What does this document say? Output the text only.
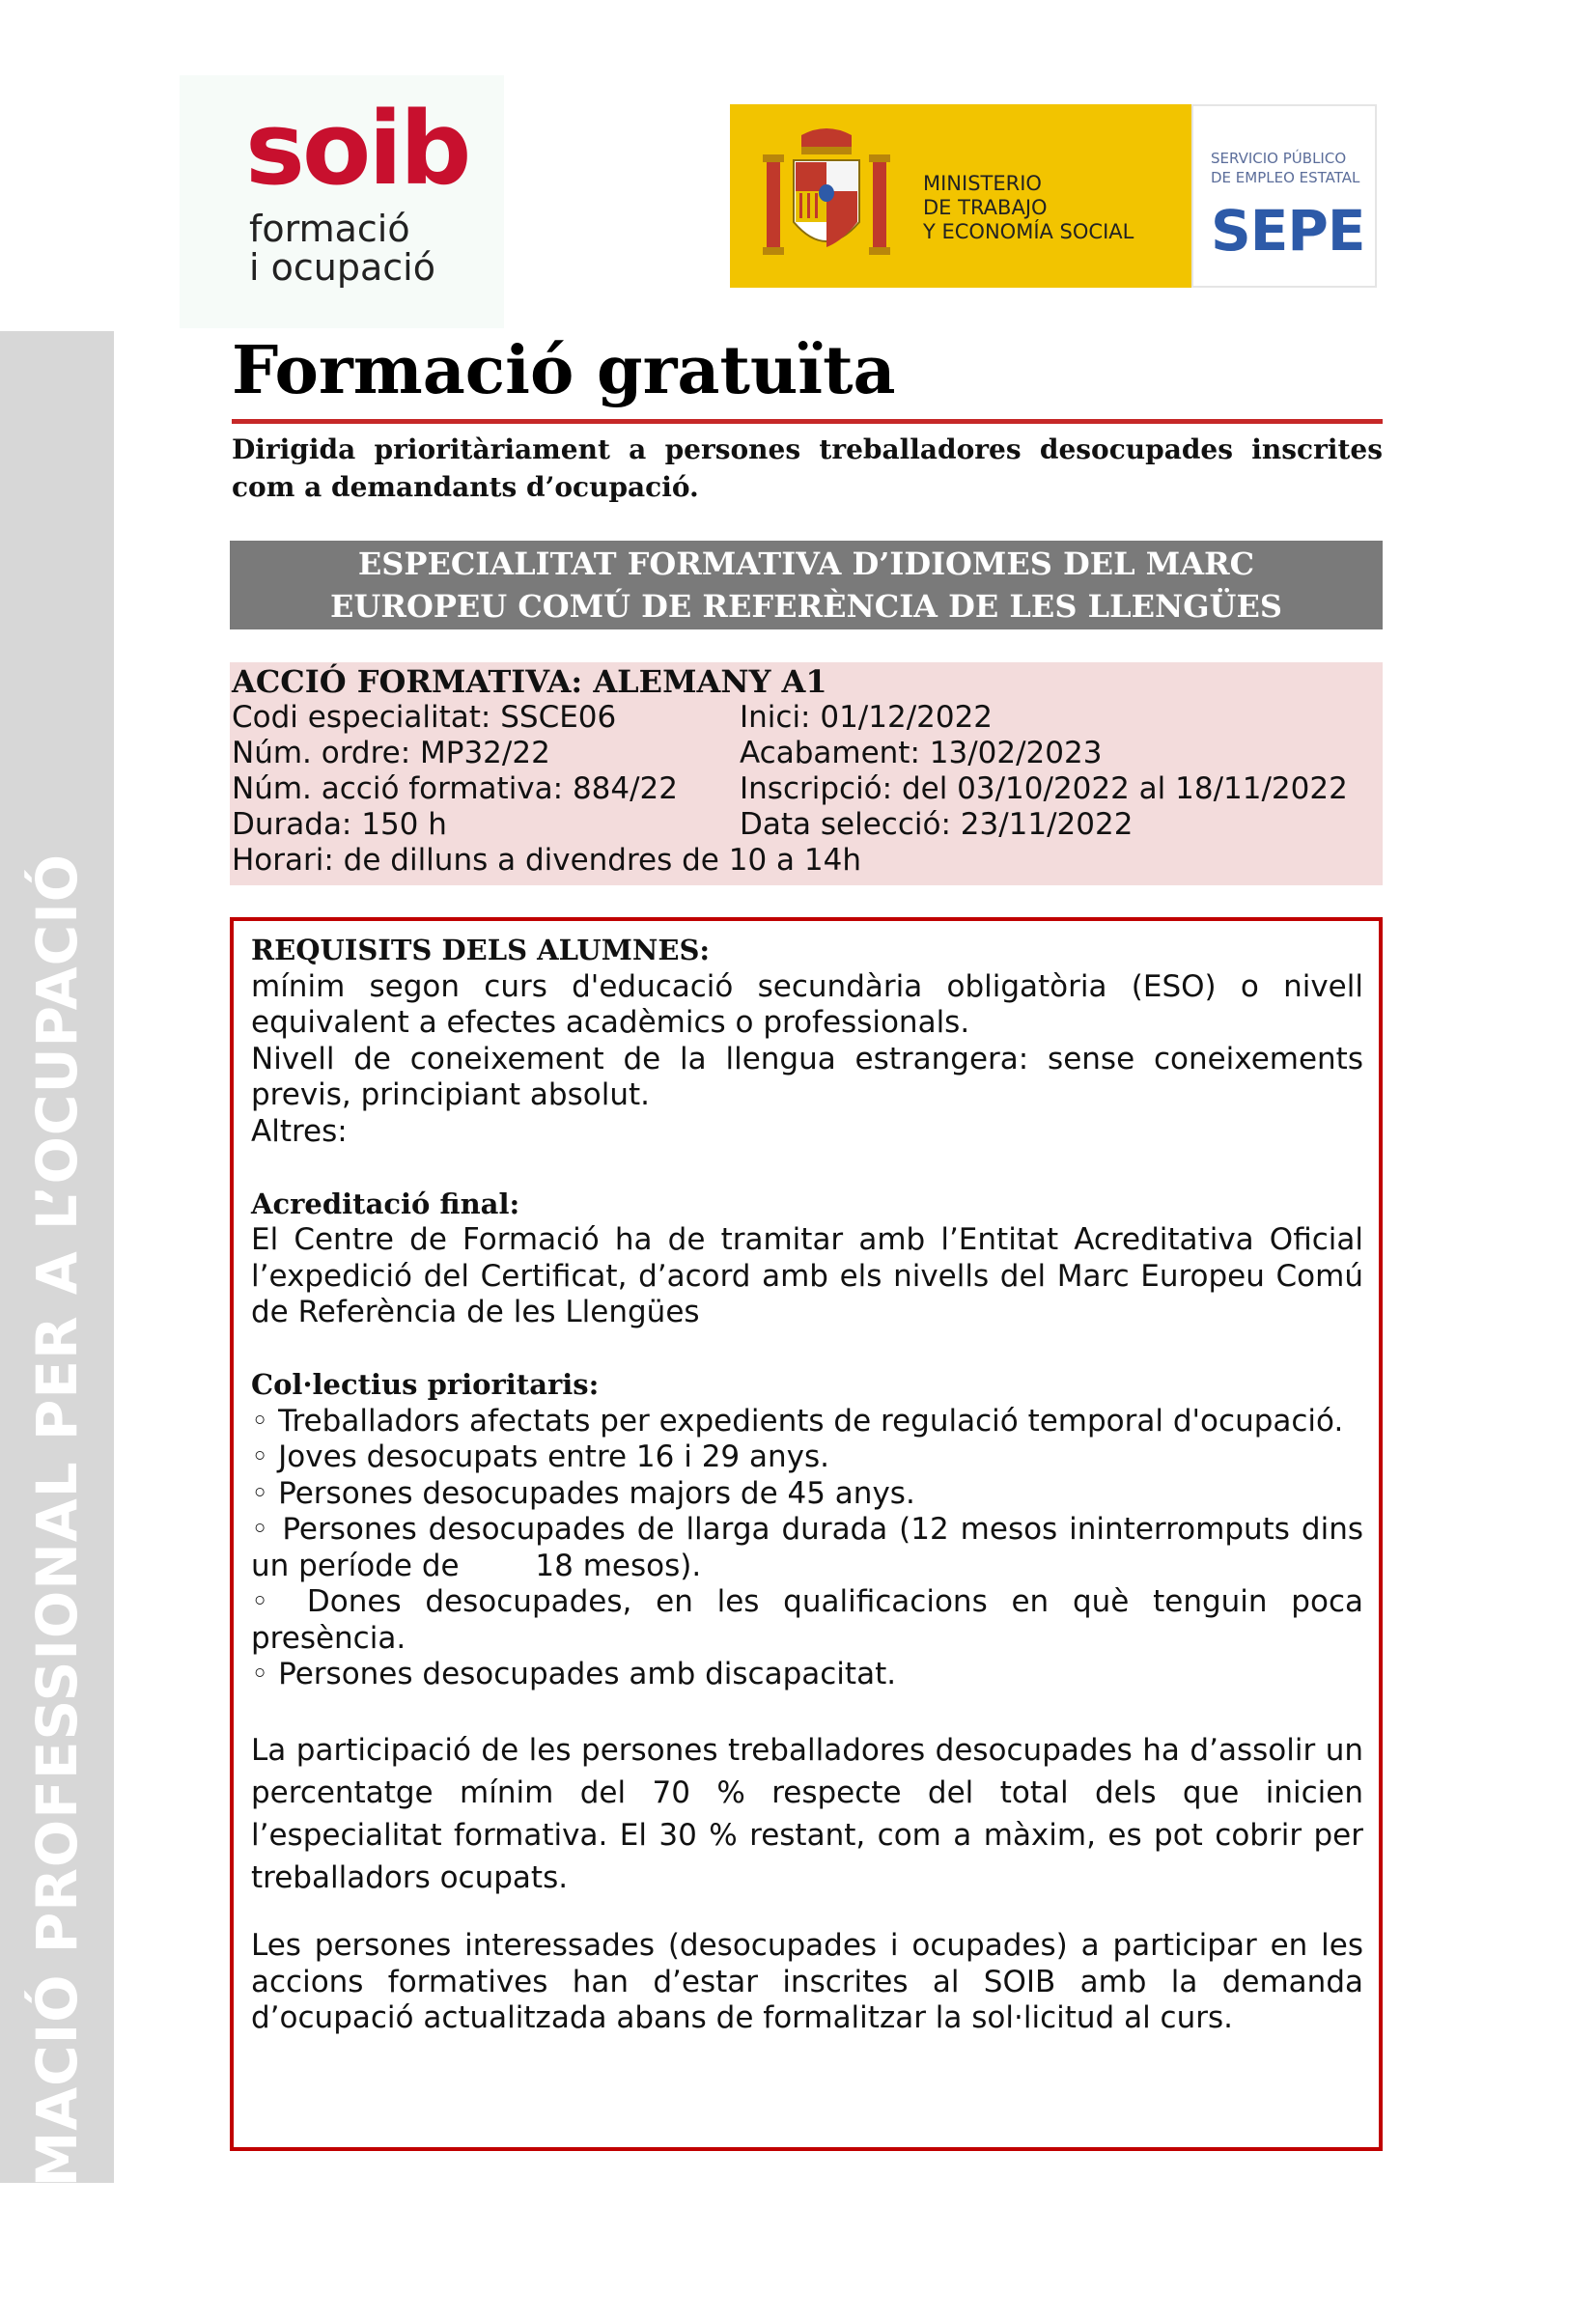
FORMACIÓ PROFESSIONAL PER A L’OCUPACIÓ
soib
formació
i ocupació
MINISTERIO
DE TRABAJO
Y ECONOMÍA SOCIAL
SERVICIO PÚBLICO
DE EMPLEO ESTATAL
SEPE
Formació gratuïta
Dirigida prioritàriament a persones treballadores desocupades inscrites com a demandants d’ocupació.
ESPECIALITAT FORMATIVA D’IDIOMES DEL MARC
EUROPEU COMÚ DE REFERÈNCIA DE LES LLENGÜES
ACCIÓ FORMATIVA: ALEMANY A1
Codi especialitat: SSCE06
Núm. ordre: MP32/22
Núm. acció formativa: 884/22
Durada: 150 h
Horari: de dilluns a divendres de 10 a 14h
Inici: 01/12/2022
Acabament: 13/02/2023
Inscripció: del 03/10/2022 al 18/11/2022
Data selecció: 23/11/2022
REQUISITS DELS ALUMNES:
mínim segon curs d'educació secundària obligatòria (ESO) o nivell equivalent a efectes acadèmics o professionals.
Nivell de coneixement de la llengua estrangera: sense coneixements previs, principiant absolut.
Altres:
Acreditació final:
El Centre de Formació ha de tramitar amb l’Entitat Acreditativa Oficial l’expedició del Certificat, d’acord amb els nivells del Marc Europeu Comú de Referència de les Llengües
Col·lectius prioritaris:
◦ Treballadors afectats per expedients de regulació temporal d'ocupació.
◦ Joves desocupats entre 16 i 29 anys.
◦ Persones desocupades majors de 45 anys.
◦ Persones desocupades de llarga durada (12 mesos ininterromputs dins un període de        18 mesos).
◦ Dones desocupades, en les qualificacions en què tenguin poca presència.
◦ Persones desocupades amb discapacitat.
La participació de les persones treballadores desocupades ha d’assolir un percentatge mínim del 70 % respecte del total dels que inicien l’especialitat formativa. El 30 % restant, com a màxim, es pot cobrir per treballadors ocupats.
Les persones interessades (desocupades i ocupades) a participar en les accions formatives han d’estar inscrites al SOIB amb la demanda d’ocupació actualitzada abans de formalitzar la sol·licitud al curs.
